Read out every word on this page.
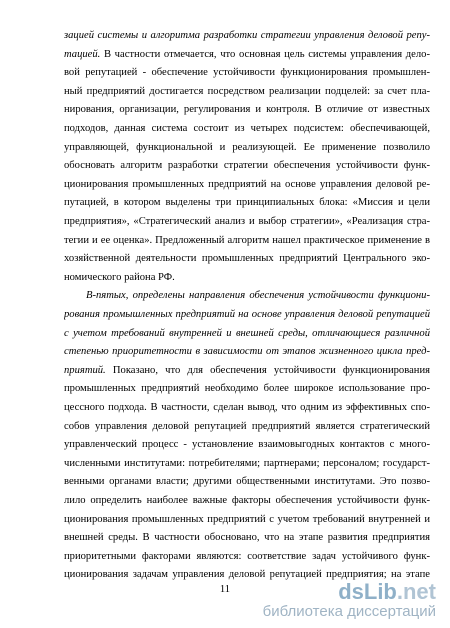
зацией системы и алгоритма разработки стратегии управления деловой репу-
тацией. В частности отмечается, что основная цель системы управления дело-
вой репутацией - обеспечение устойчивости функционирования промышлен-
ный предприятий достигается посредством реализации подцелей: за счет пла-
нирования, организации, регулирования и контроля. В отличие от известных
подходов, данная система состоит из четырех подсистем: обеспечивающей,
управляющей, функциональной и реализующей. Ее применение позволило
обосновать алгоритм разработки стратегии обеспечения устойчивости функ-
ционирования промышленных предприятий на основе управления деловой ре-
путацией, в котором выделены три принципиальных блока: «Миссия и цели
предприятия», «Стратегический анализ и выбор стратегии», «Реализация стра-
тегии и ее оценка». Предложенный алгоритм нашел практическое применение в
хозяйственной деятельности промышленных предприятий Центрального эко-
номического района РФ.
В-пятых, определены направления обеспечения устойчивости функциони-
рования промышленных предприятий на основе управления деловой репутацией
с учетом требований внутренней и внешней среды, отличающиеся различной
степенью приоритетности в зависимости от этапов жизненного цикла пред-
приятий. Показано, что для обеспечения устойчивости функционирования
промышленных предприятий необходимо более широкое использование про-
цессного подхода. В частности, сделан вывод, что одним из эффективных спо-
собов управления деловой репутацией предприятий является стратегический
управленческий процесс - установление взаимовыгодных контактов с много-
численными институтами: потребителями; партнерами; персоналом; государст-
венными органами власти; другими общественными институтами. Это позво-
лило определить наиболее важные факторы обеспечения устойчивости функ-
ционирования промышленных предприятий с учетом требований внутренней и
внешней среды. В частности обосновано, что на этапе развития предприятия
приоритетными факторами являются: соответствие задач устойчивого функ-
ционирования задачам управления деловой репутацией предприятия; на этапе
11	dsLib.net
библиотека диссертаций
